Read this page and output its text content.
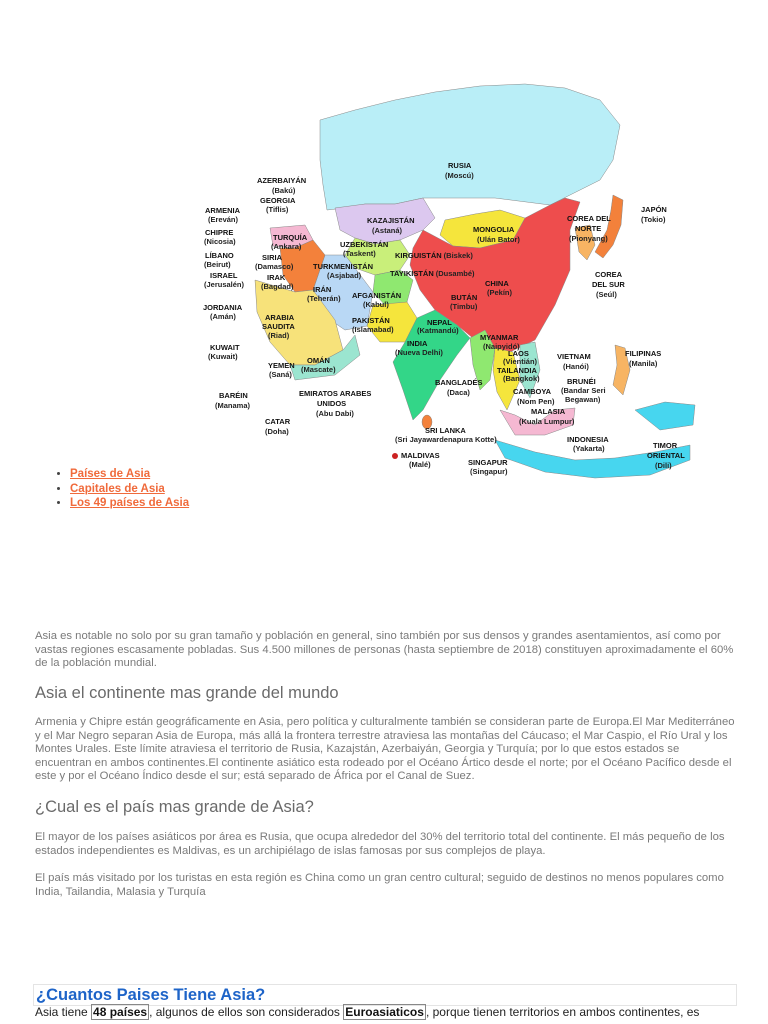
RUSIA (Moscú)
AZERBAIYÁN (Bakú)
GEORGIA (Tiflis)
ARMENIA (Ereván)
CHIPRE (Nicosia)	TURQUÍA (Ankara)
LÍBANO (Beirut)
SIRIA (Damasco)
ISRAEL (Jerusalén)
IRAK (Bagdad)
JORDANIA (Amán)	ARABIA SAUDITA (Riad)
KUWAIT (Kuwait)
YEMEN (Saná)
BARÉIN (Manama)
CATAR (Doha)
EMIRATOS ARABES UNIDOS (Abu Dabi)
OMÁN (Mascate)
IRÁN (Teherán)
KAZAJISTÁN (Astaná)
UZBEKISTÁN (Taskent)
TURKMENISTÁN (Asjabad)
KIRGUISTÁN (Biskek)
TAYIKISTÁN (Dusambé)
AFGANISTÁN (Kabul)
PAKISTÁN (Islamabad)
INDIA (Nueva Delhi)
NEPAL (Katmandú)
BUTÁN (Timbu)
CHINA (Pekín)
MONGOLIA (Ulán Bator)
COREA DEL NORTE (Pionyang)
COREA DEL SUR (Seúl)
JAPÓN (Tokio)
BANGLADÉS (Daca)
MYANMAR (Naipyidó)
LAOS (Vientián)
TAILANDIA (Bangkok)
VIETNAM (Hanói)
CAMBOYA (Nom Pen)
FILIPINAS (Manila)
BRUNÉI (Bandar Seri Begawan)
MALASIA (Kuala Lumpur)
SRI LANKA (Sri Jayawardenapura Kotte)
MALDIVAS (Malé)	SINGAPUR (Singapur)
INDONESIA (Yakarta)	TIMOR ORIENTAL (Dili)
• Países de Asia
• Capitales de Asia
• Los 49 países de Asia

Asia es notable no solo por su gran tamaño y población en general, sino también por sus densos y grandes asentamientos, así como por vastas regiones escasamente pobladas. Sus 4.500 millones de personas (hasta septiembre de 2018) constituyen aproximadamente el 60% de la población mundial.

Asia el continente mas grande del mundo

Armenia y Chipre están geográficamente en Asia, pero política y culturalmente también se consideran parte de Europa.El Mar Mediterráneo y el Mar Negro separan Asia de Europa, más allá la frontera terrestre atraviesa las montañas del Cáucaso; el Mar Caspio, el Río Ural y los Montes Urales. Este límite atraviesa el territorio de Rusia, Kazajstán, Azerbaiyán, Georgia y Turquía; por lo que estos estados se encuentran en ambos continentes.El continente asiático esta rodeado por el Océano Ártico desde el norte; por el Océano Pacífico desde el este y por el Océano Índico desde el sur; está separado de África por el Canal de Suez.

¿Cual es el país mas grande de Asia?

El mayor de los países asiáticos por área es Rusia, que ocupa alrededor del 30% del territorio total del continente. El más pequeño de los estados independientes es Maldivas, es un archipiélago de islas famosas por sus complejos de playa.

El país más visitado por los turistas en esta región es China como un gran centro cultural; seguido de destinos no menos populares como India, Tailandia, Malasia y Turquía

¿Cuantos Paises Tiene Asia?

Asia tiene 48 países , algunos de ellos son considerados Euroasiaticos , porque tienen territorios en ambos continentes, es
